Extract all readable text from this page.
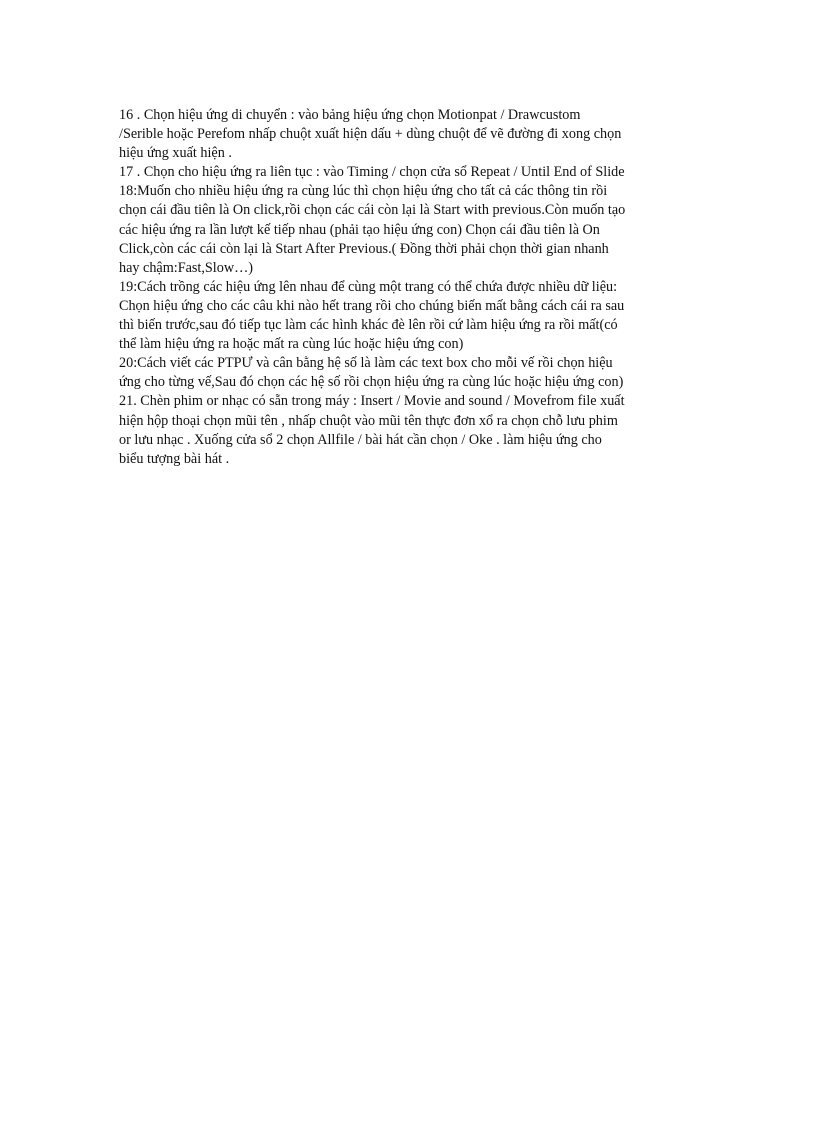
16 . Chọn hiệu ứng di chuyển : vào bảng hiệu ứng chọn Motionpat / Drawcustom
/Serible hoặc Perefom nhấp chuột xuất hiện dấu + dùng chuột để vẽ đường đi xong chọn
hiệu ứng xuất hiện .
17 . Chọn cho hiệu ứng ra liên tục : vào Timing / chọn cửa sổ Repeat / Until End of Slide
18:Muốn cho nhiều hiệu ứng ra cùng lúc thì chọn hiệu ứng cho tất cả các thông tin rồi
chọn cái đầu tiên là On click,rồi chọn các cái còn lại là Start with previous.Còn muốn tạo
các hiệu ứng ra lần lượt kế tiếp nhau (phải tạo hiệu ứng con) Chọn cái đầu tiên là On
Click,còn các cái còn lại là Start After Previous.( Đồng thời phải chọn thời gian nhanh
hay chậm:Fast,Slow…)
19:Cách trồng các hiệu ứng lên nhau để cùng một trang có thể chứa được nhiều dữ liệu:
Chọn hiệu ứng cho các câu khi nào hết trang rồi cho chúng biến mất bằng cách cái ra sau
thì biến trước,sau đó tiếp tục làm các hình khác đè lên rồi cứ làm hiệu ứng ra rồi mất(có
thể làm hiệu ứng ra hoặc mất ra cùng lúc hoặc hiệu ứng con)
20:Cách viết các PTPƯ và cân bằng hệ số là làm các text box cho mỗi vế rồi chọn hiệu
ứng cho từng vế,Sau đó chọn các hệ số rồi chọn hiệu ứng ra cùng lúc hoặc hiệu ứng con)
21. Chèn phim or nhạc có sẵn trong máy : Insert / Movie and sound / Movefrom file xuất
hiện hộp thoại chọn mũi tên , nhấp chuột vào mũi tên thực đơn xổ ra chọn chỗ lưu phim
or lưu nhạc . Xuống cửa sổ 2 chọn Allfile / bài hát cần chọn / Oke . làm hiệu ứng cho
biểu tượng bài hát .
